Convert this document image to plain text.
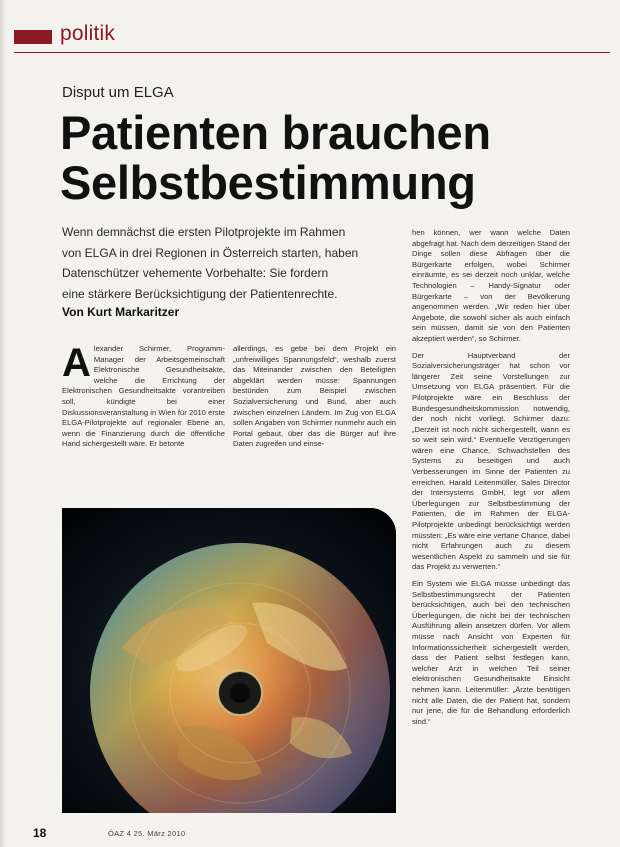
politik
Disput um ELGA
Patienten brauchen Selbstbestimmung

Wenn demnächst die ersten Pilotprojekte im Rahmen

von ELGA in drei Regionen in Österreich starten, haben

Datenschützer vehemente Vorbehalte: Sie fordern

eine stärkere Berücksichtigung der Patientenrechte.

Von Kurt Markaritzer

Alexander Schirmer, Programm-Manager der Arbeitsgemeinschaft Elektronische Gesundheitsakte, welche die Errichtung der Elektronischen Gesundheitsakte vorantreiben soll, kündigte bei einer Diskussionsveranstaltung in Wien für 2010 erste ELGA-Pilotprojekte auf regionaler Ebene an, wenn die Finanzierung durch die öffentliche Hand sichergestellt wäre. Er betonte

allerdings, es gebe bei dem Projekt ein „unfreiwilliges Spannungsfeld“, weshalb zuerst das Miteinander zwischen den Beteiligten abgeklärt werden müsse: Spannungen bestünden zum Beispiel zwischen Sozialversicherung und Bund, aber auch zwischen einzelnen Ländern. Im Zug von ELGA sollen Angaben von Schirmer nunmehr auch ein Portal gebaut, über das die Bürger auf ihre Daten zugreifen und einse-

hen können, wer wann welche Daten abgefragt hat. Nach dem derzeitigen Stand der Dinge sollen diese Abfragen über die Bürgerkarte erfolgen, wobei Schirmer einräumte, es sei derzeit noch unklar, welche Technologien – Handy-Signatur oder Bürgerkarte – von der Bevölkerung angenommen werden. „Wir reden hier über Angebote, die sowohl sicher als auch einfach sein müssen, damit sie von den Patienten akzeptiert werden“, so Schirmer.

Der Hauptverband der Sozialversicherungsträger hat schon vor längerer Zeit seine Vorstellungen zur Umsetzung von ELGA präsentiert. Für die Pilotprojekte wäre ein Beschluss der Bundesgesundheitskommission notwendig, der noch nicht vorliegt. Schirmer dazu: „Derzeit ist noch nicht sichergestellt, wann es so weit sein wird.“ Eventuelle Verzögerungen wären eine Chance, Schwachstellen des Systems zu beseitigen und auch Verbesserungen im Sinne der Patienten zu erreichen. Harald Leitenmüller, Sales Director der Intersystems GmbH, legt vor allem Überlegungen zur Selbstbestimmung der Patienten, die im Rahmen der ELGA-Pilotprojekte unbedingt berücksichtigt werden müssten: „Es wäre eine vertane Chance, dabei nicht Erfahrungen auch zu diesem wesentlichen Aspekt zu sammeln und sie für das Projekt zu verwerten.“

Ein System wie ELGA müsse unbedingt das Selbstbestimmungsrecht der Patienten berücksichtigen, auch bei den technischen Überlegungen, die nicht bei der technischen Ausführung allein ansetzen dürfen. Vor allem müsse nach Ansicht von Experten für Informationssicherheit sichergestellt werden, dass der Patient selbst festlegen kann, welcher Arzt in welchen Teil seiner elektronischen Gesundheitsakte Einsicht nehmen kann. Leitenmüller: „Ärzte benötigen nicht alle Daten, die der Patient hat, sondern nur jene, die für die Behandlung erforderlich sind.“

18	ÖAZ 4 25. März 2010
